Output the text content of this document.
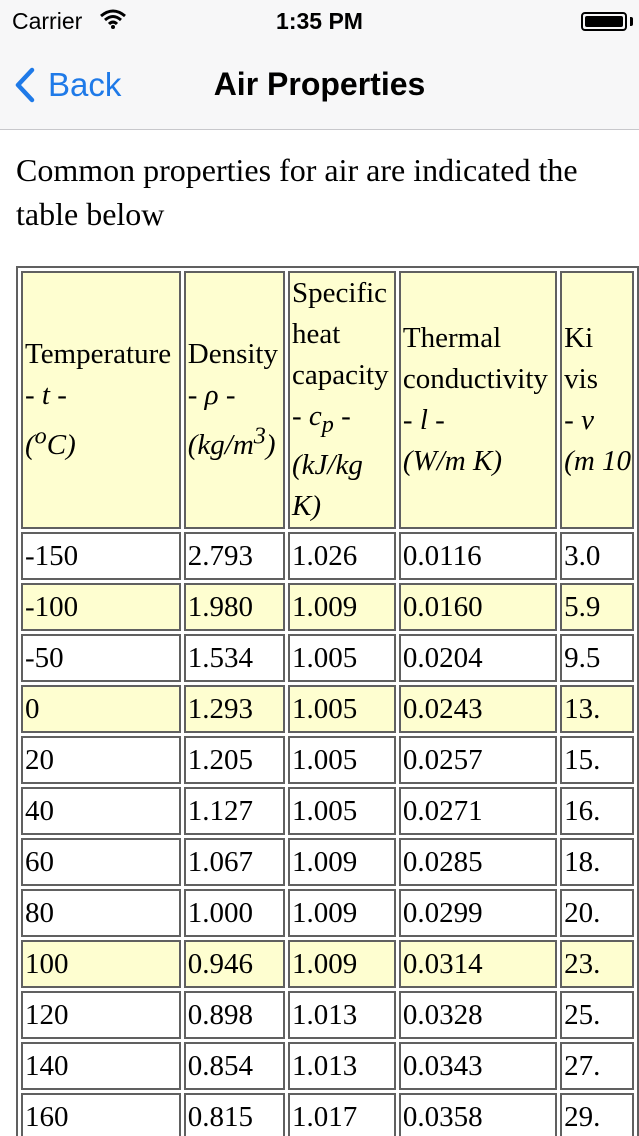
Carrier	1:35 PM
Back	Air Properties

Common properties for air are indicated the table below

Temperature
- t -
($^o$C)	Density
- ρ -
$(kg/m^3)$	Specific heat capacity
- $c_p$ -
(kJ/kg K)	Thermal conductivity
- l -
(W/m K)	Ki vis
- v
(m 10
-150	2.793	1.026	0.0116	3.0
-100	1.980	1.009	0.0160	5.9
-50	1.534	1.005	0.0204	9.5
0	1.293	1.005	0.0243	13.
20	1.205	1.005	0.0257	15.
40	1.127	1.005	0.0271	16.
60	1.067	1.009	0.0285	18.
80	1.000	1.009	0.0299	20.
100	0.946	1.009	0.0314	23.
120	0.898	1.013	0.0328	25.
140	0.854	1.013	0.0343	27.
160	0.815	1.017	0.0358	29.
